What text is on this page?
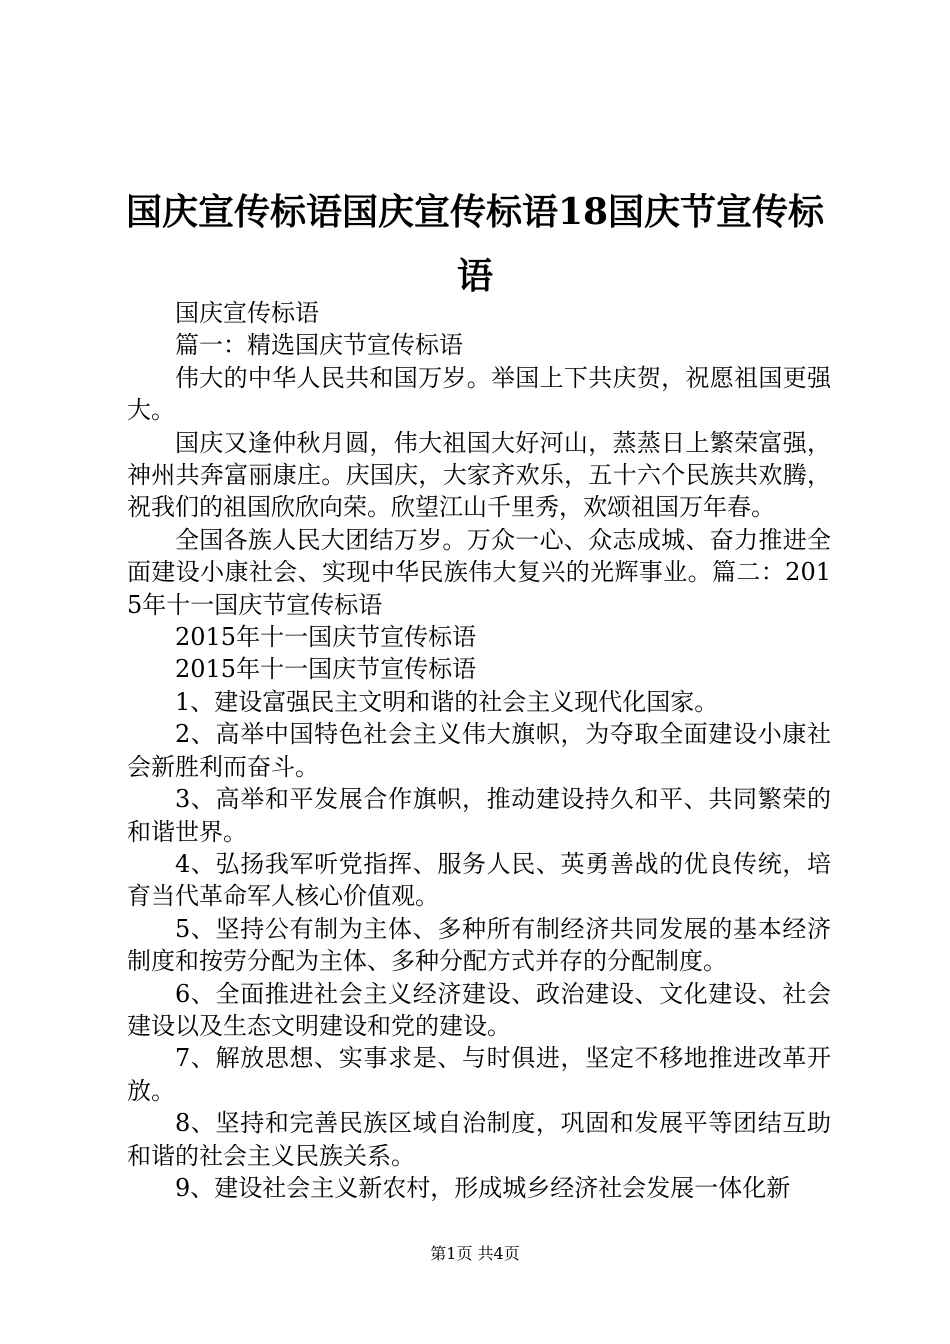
国庆宣传标语国庆宣传标语18国庆节宣传标语

国庆宣传标语

篇一：精选国庆节宣传标语

伟大的中华人民共和国万岁。举国上下共庆贺，祝愿祖国更强大。

国庆又逢仲秋月圆，伟大祖国大好河山，蒸蒸日上繁荣富强，神州共奔富丽康庄。庆国庆，大家齐欢乐，五十六个民族共欢腾，祝我们的祖国欣欣向荣。欣望江山千里秀，欢颂祖国万年春。

全国各族人民大团结万岁。万众一心、众志成城、奋力推进全面建设小康社会、实现中华民族伟大复兴的光辉事业。篇二：2015年十一国庆节宣传标语

2015年十一国庆节宣传标语

2015年十一国庆节宣传标语

1、建设富强民主文明和谐的社会主义现代化国家。

2、高举中国特色社会主义伟大旗帜，为夺取全面建设小康社会新胜利而奋斗。

3、高举和平发展合作旗帜，推动建设持久和平、共同繁荣的和谐世界。

4、弘扬我军听党指挥、服务人民、英勇善战的优良传统，培育当代革命军人核心价值观。

5、坚持公有制为主体、多种所有制经济共同发展的基本经济制度和按劳分配为主体、多种分配方式并存的分配制度。

6、全面推进社会主义经济建设、政治建设、文化建设、社会建设以及生态文明建设和党的建设。

7、解放思想、实事求是、与时俱进，坚定不移地推进改革开放。

8、坚持和完善民族区域自治制度，巩固和发展平等团结互助和谐的社会主义民族关系。

9、建设社会主义新农村，形成城乡经济社会发展一体化新

第1页 共4页
